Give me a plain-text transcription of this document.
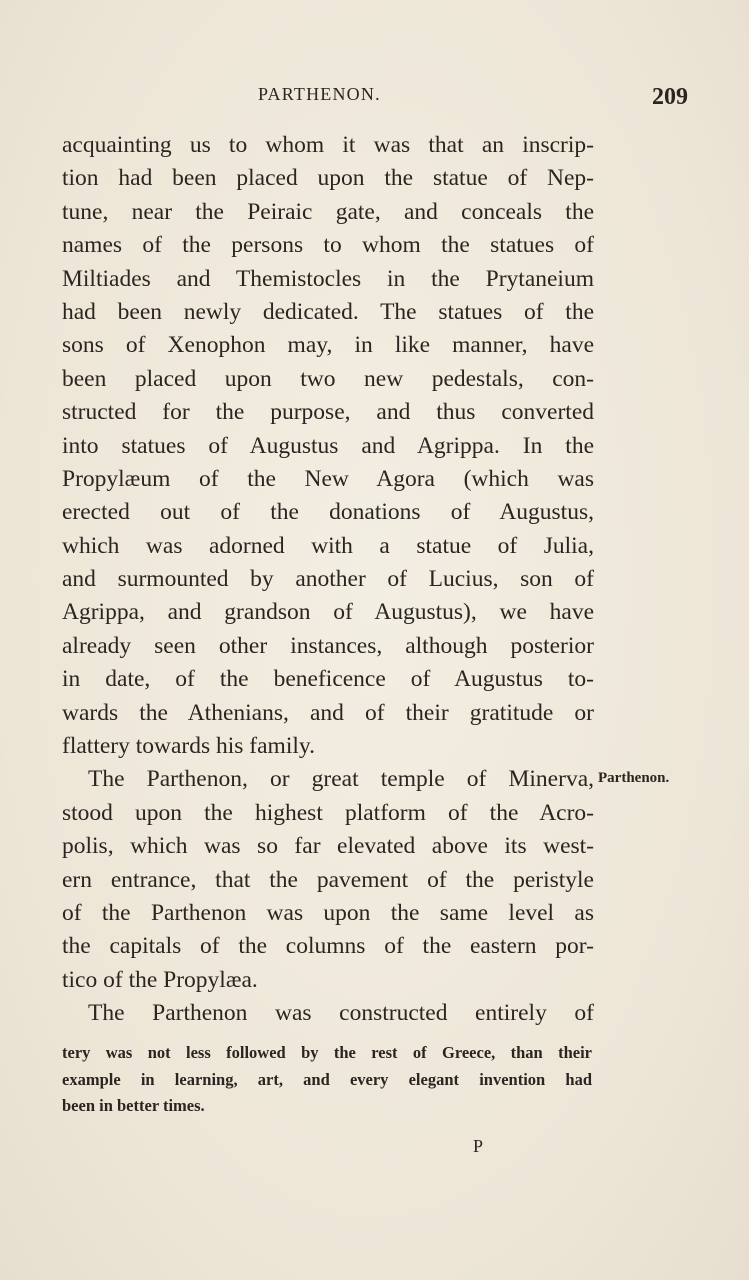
PARTHENON.	209
acquainting us to whom it was that an inscrip-
tion had been placed upon the statue of Nep-
tune, near the Peiraic gate, and conceals the
names of the persons to whom the statues of
Miltiades and Themistocles in the Prytaneium
had been newly dedicated. The statues of the
sons of Xenophon may, in like manner, have
been placed upon two new pedestals, con-
structed for the purpose, and thus converted
into statues of Augustus and Agrippa. In the
Propylæum of the New Agora (which was
erected out of the donations of Augustus,
which was adorned with a statue of Julia,
and surmounted by another of Lucius, son of
Agrippa, and grandson of Augustus), we have
already seen other instances, although posterior
in date, of the beneficence of Augustus to-
wards the Athenians, and of their gratitude or
flattery towards his family.
The Parthenon, or great temple of Minerva,
stood upon the highest platform of the Acro-
polis, which was so far elevated above its west-
ern entrance, that the pavement of the peristyle
of the Parthenon was upon the same level as
the capitals of the columns of the eastern por-
tico of the Propylæa.
The Parthenon was constructed entirely of
Parthenon.
tery was not less followed by the rest of Greece, than their
example in learning, art, and every elegant invention had
been in better times.
P
